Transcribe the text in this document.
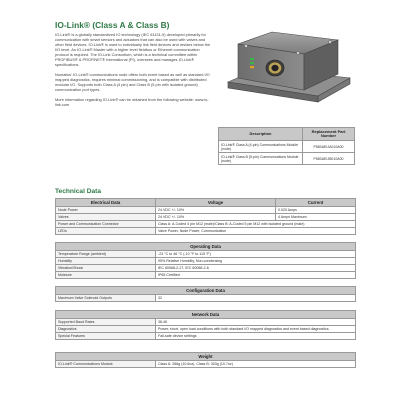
IO-Link® (Class A & Class B)

IO-Link® is a globally standardized IO technology (IEC 61131-9) developed primarily for communication with smart sensors and actuators that can also be used with valves and other field devices. IO-Link® is used to individually link field devices and resides below the I/O level. An IO-Link® Master with a higher level fieldbus or Ethernet communication protocol is required. The IO-Link Consortium, which is a technical committee within PROFIBUS® & PROFINET® International (PI), oversees and manages IO-Link® specifications.

Numatics' IO-Link® communications node offers both event based as well as standard I/O mapped diagnostics, requires minimal commissioning, and is compatible with distributed modular I/O. Supports both Class A (4 pin) and Class B (5 pin with isolated ground) communication port types.

More information regarding IO-Link® can be obtained from the following website: www.io-link.com

Description	Replacement Part Number
IO-Link® Class A (4-pin) Communications Module (node)	P580AEIJA010A00
IO-Link® Class B (5-pin) Communications Module (node)	P580AEIJB010A00
Technical Data
Electrical Data	Voltage	Current
Node Power	24 VDC +/- 10%	0.020 Amps
Valves	24 VDC +/- 10%	4 Amps Maximum
Power and Communication Connector	Class A: A-Coded 4 pin M12 (male)/Class B: A-Coded 5 pin M12 with isolated ground (male)	
LEDs	Valve Power, Node Power, Communication	
Operating Data	
Temperature Range (ambient)	-23 °C to 46 °C (-10 °F to 115 °F)
Humidity	95% Relative Humidity, Non-condensing
Vibration/Shock	IEC 60068-2-27, IEC 60068-2-6
Moisture	IP65 Certified
Configuration Data
Maximum Valve Solenoid Outputs	32
Network Data	
Supported Baud Rates	38.4K
Diagnostics	Power, short, open load conditions with both standard I/O mapped diagnostics and event based diagnostics
Special Features	Fail-safe device settings
Weight
IO-Link® Communications Module	Class A: 286g (10.6oz), Class B: 303g (10.7oz)
